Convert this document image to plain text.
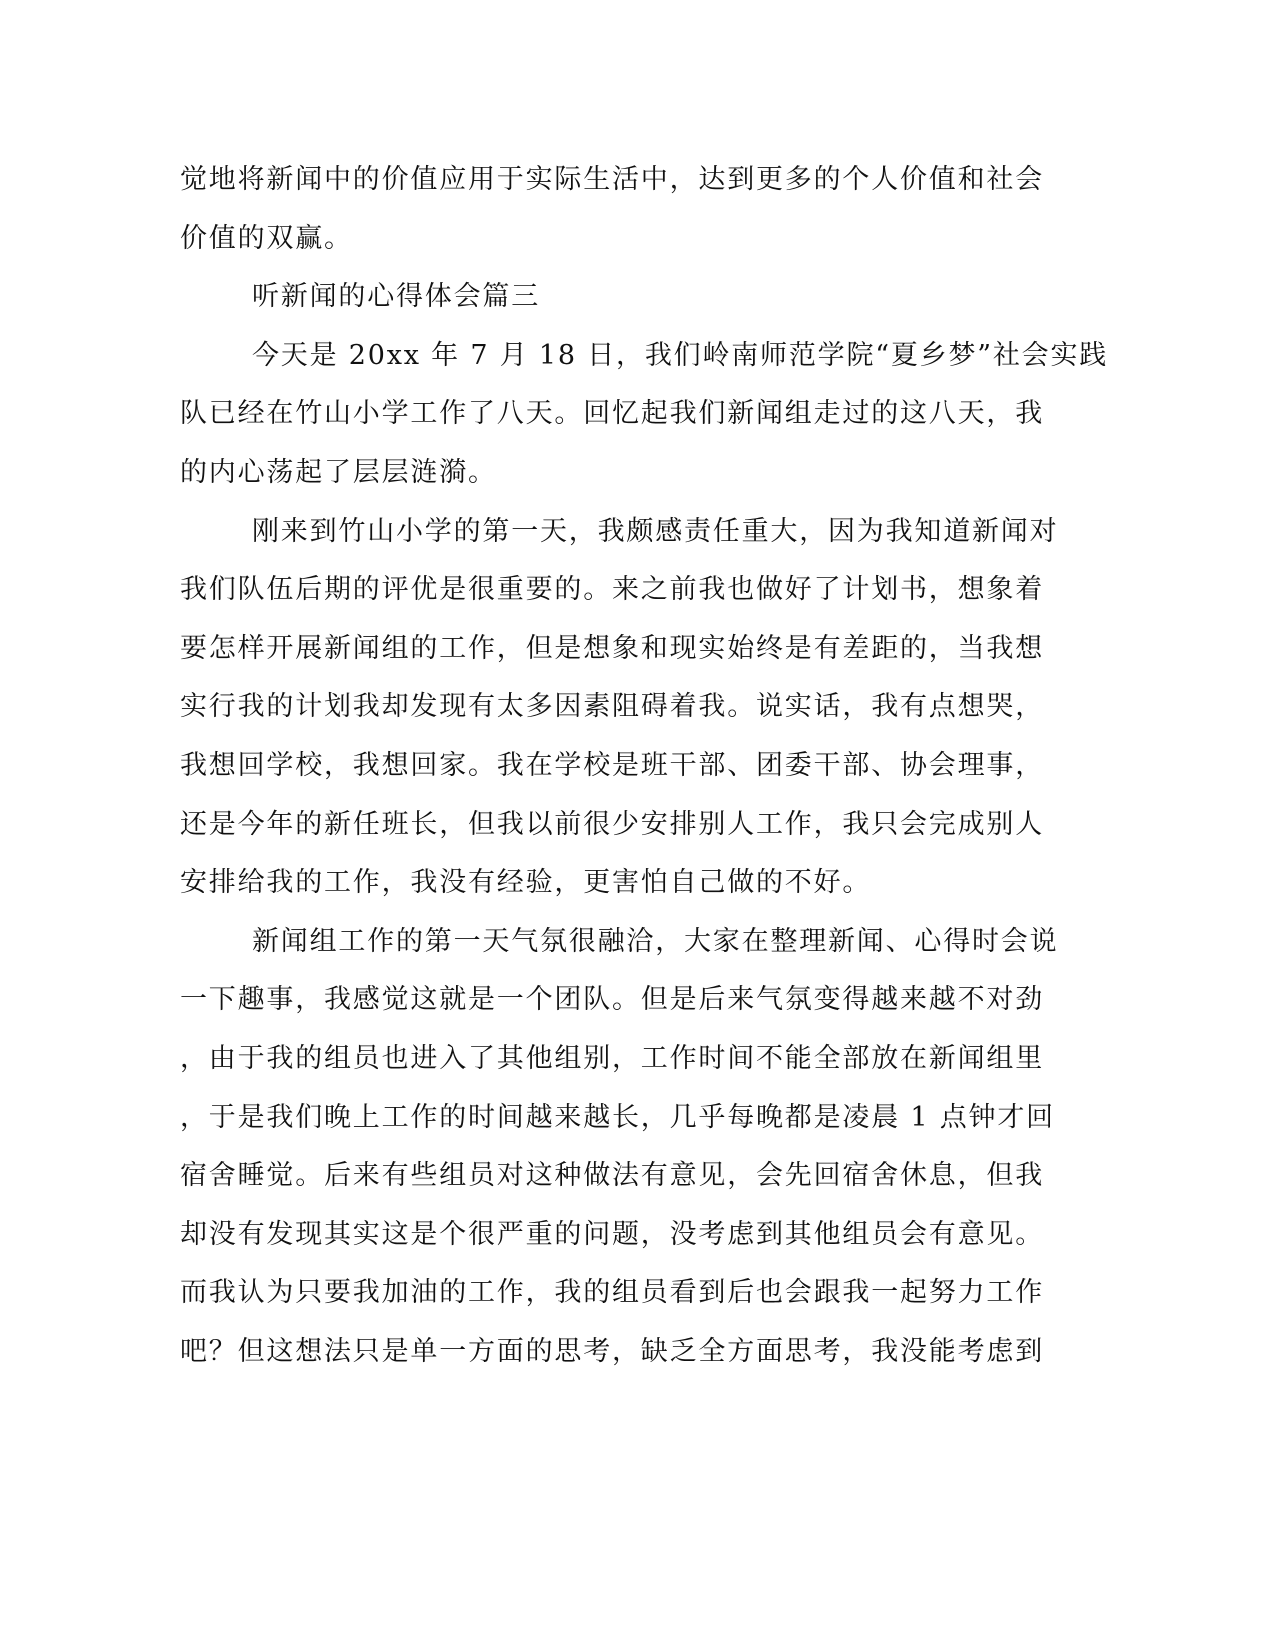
觉地将新闻中的价值应用于实际生活中，达到更多的个人价值和社会
价值的双赢。
听新闻的心得体会篇三
今天是 20xx 年 7 月 18 日，我们岭南师范学院“夏乡梦”社会实践
队已经在竹山小学工作了八天。回忆起我们新闻组走过的这八天，我
的内心荡起了层层涟漪。
刚来到竹山小学的第一天，我颇感责任重大，因为我知道新闻对
我们队伍后期的评优是很重要的。来之前我也做好了计划书，想象着
要怎样开展新闻组的工作，但是想象和现实始终是有差距的，当我想
实行我的计划我却发现有太多因素阻碍着我。说实话，我有点想哭，
我想回学校，我想回家。我在学校是班干部、团委干部、协会理事，
还是今年的新任班长，但我以前很少安排别人工作，我只会完成别人
安排给我的工作，我没有经验，更害怕自己做的不好。
新闻组工作的第一天气氛很融洽，大家在整理新闻、心得时会说
一下趣事，我感觉这就是一个团队。但是后来气氛变得越来越不对劲
，由于我的组员也进入了其他组别，工作时间不能全部放在新闻组里
，于是我们晚上工作的时间越来越长，几乎每晚都是凌晨 1 点钟才回
宿舍睡觉。后来有些组员对这种做法有意见，会先回宿舍休息，但我
却没有发现其实这是个很严重的问题，没考虑到其他组员会有意见。
而我认为只要我加油的工作，我的组员看到后也会跟我一起努力工作
吧？但这想法只是单一方面的思考，缺乏全方面思考，我没能考虑到
